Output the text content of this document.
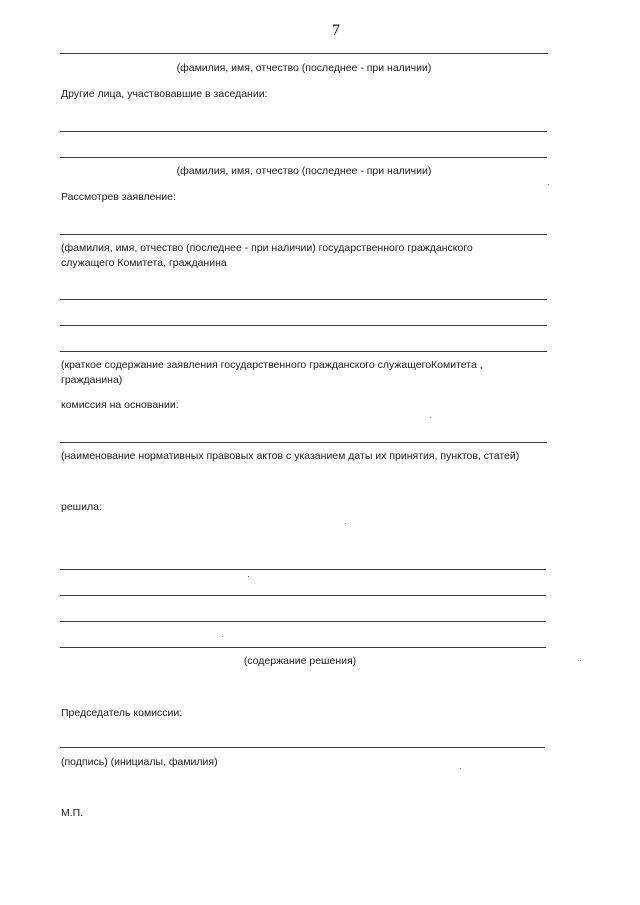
7
(фамилия, имя, отчество (последнее - при наличии)
Другие лица, участвовавшие в заседании:
(фамилия, имя, отчество (последнее - при наличии)
Рассмотрев заявление:
(фамилия, имя, отчество (последнее - при наличии) государственного гражданского
служащего Комитета, гражданина
(краткое содержание заявления государственного гражданского служащегоКомитета ,
гражданина)
комиссия на основании:
(наименование нормативных правовых актов с указанием даты их принятия, пунктов, статей)
решила:
(содержание решения)
Председатель комиссии:
(подпись) (инициалы, фамилия)
М.П.
